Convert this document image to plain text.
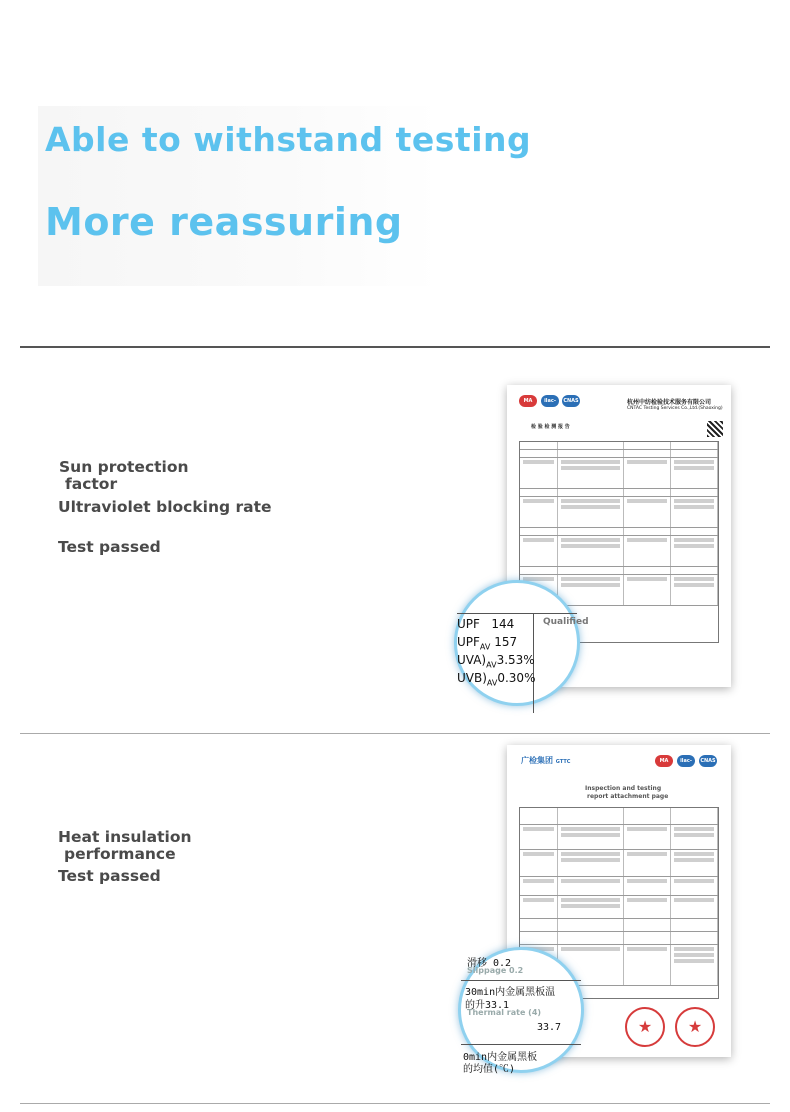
Able to withstand testing
More reassuring
Sun protection
factor
Ultraviolet blocking rate
Test passed
MA	ilac-MRA
CNAS	杭州中纺检验技术服务有限公司
CNTAC Testing Services Co.,Ltd.(Shaoxing)
检 验 检 测 报 告
Qualified
UPF 144
$UPF_{AV}$ 157
$UVA)_{AV}3.53\%$
$UVB)_{AV}0.30\%$
Heat insulation
performance
Test passed
广检集团 GTTC	MA	ilac-MRA
CNAS
Inspection and testing
report attachment page
★	★
滑移 0.2
Slippage 0.2
30min内金属黑板温
的升33.1
Thermal rate (4)
33.7
0min内金属黑板
的均值(℃)
